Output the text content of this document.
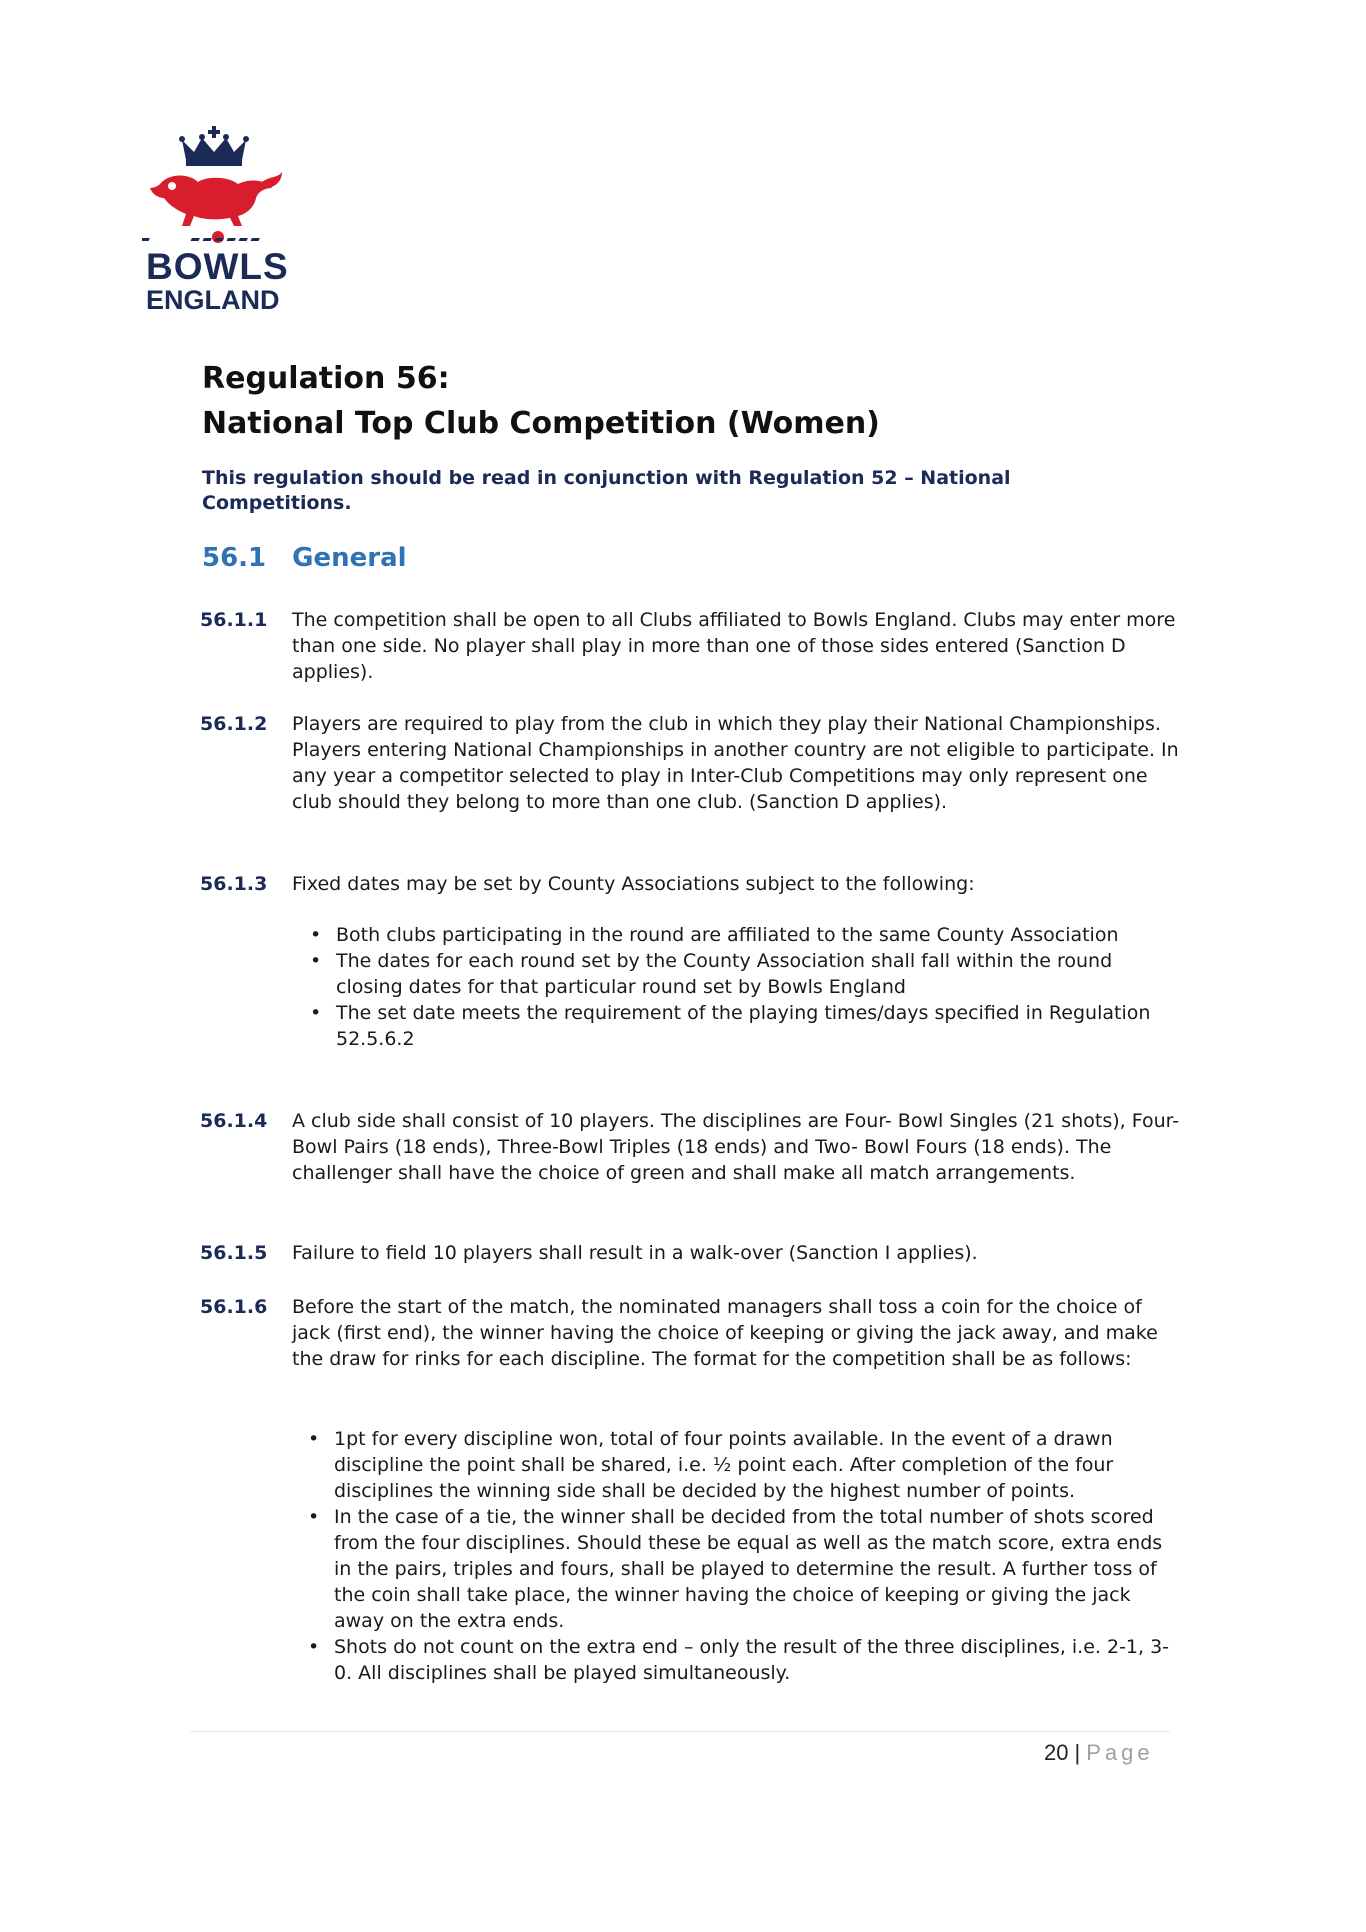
BOWLS
ENGLAND
Regulation 56:
National Top Club Competition (Women)
This regulation should be read in conjunction with Regulation 52 – National Competitions.
56.1 General
56.1.1 The competition shall be open to all Clubs affiliated to Bowls England. Clubs may enter more than one side. No player shall play in more than one of those sides entered (Sanction D applies).
56.1.2 Players are required to play from the club in which they play their National Championships. Players entering National Championships in another country are not eligible to participate. In any year a competitor selected to play in Inter-Club Competitions may only represent one club should they belong to more than one club. (Sanction D applies).
56.1.3 Fixed dates may be set by County Associations subject to the following:
• Both clubs participating in the round are affiliated to the same County Association
• The dates for each round set by the County Association shall fall within the round closing dates for that particular round set by Bowls England
• The set date meets the requirement of the playing times/days specified in Regulation 52.5.6.2
56.1.4 A club side shall consist of 10 players. The disciplines are Four- Bowl Singles (21 shots), Four-Bowl Pairs (18 ends), Three-Bowl Triples (18 ends) and Two- Bowl Fours (18 ends). The challenger shall have the choice of green and shall make all match arrangements.
56.1.5 Failure to field 10 players shall result in a walk-over (Sanction I applies).
56.1.6 Before the start of the match, the nominated managers shall toss a coin for the choice of jack (first end), the winner having the choice of keeping or giving the jack away, and make the draw for rinks for each discipline. The format for the competition shall be as follows:
• 1pt for every discipline won, total of four points available. In the event of a drawn discipline the point shall be shared, i.e. ½ point each. After completion of the four disciplines the winning side shall be decided by the highest number of points.
• In the case of a tie, the winner shall be decided from the total number of shots scored from the four disciplines. Should these be equal as well as the match score, extra ends in the pairs, triples and fours, shall be played to determine the result. A further toss of the coin shall take place, the winner having the choice of keeping or giving the jack away on the extra ends.
• Shots do not count on the extra end – only the result of the three disciplines, i.e. 2-1, 3-0. All disciplines shall be played simultaneously.
20 | Page
